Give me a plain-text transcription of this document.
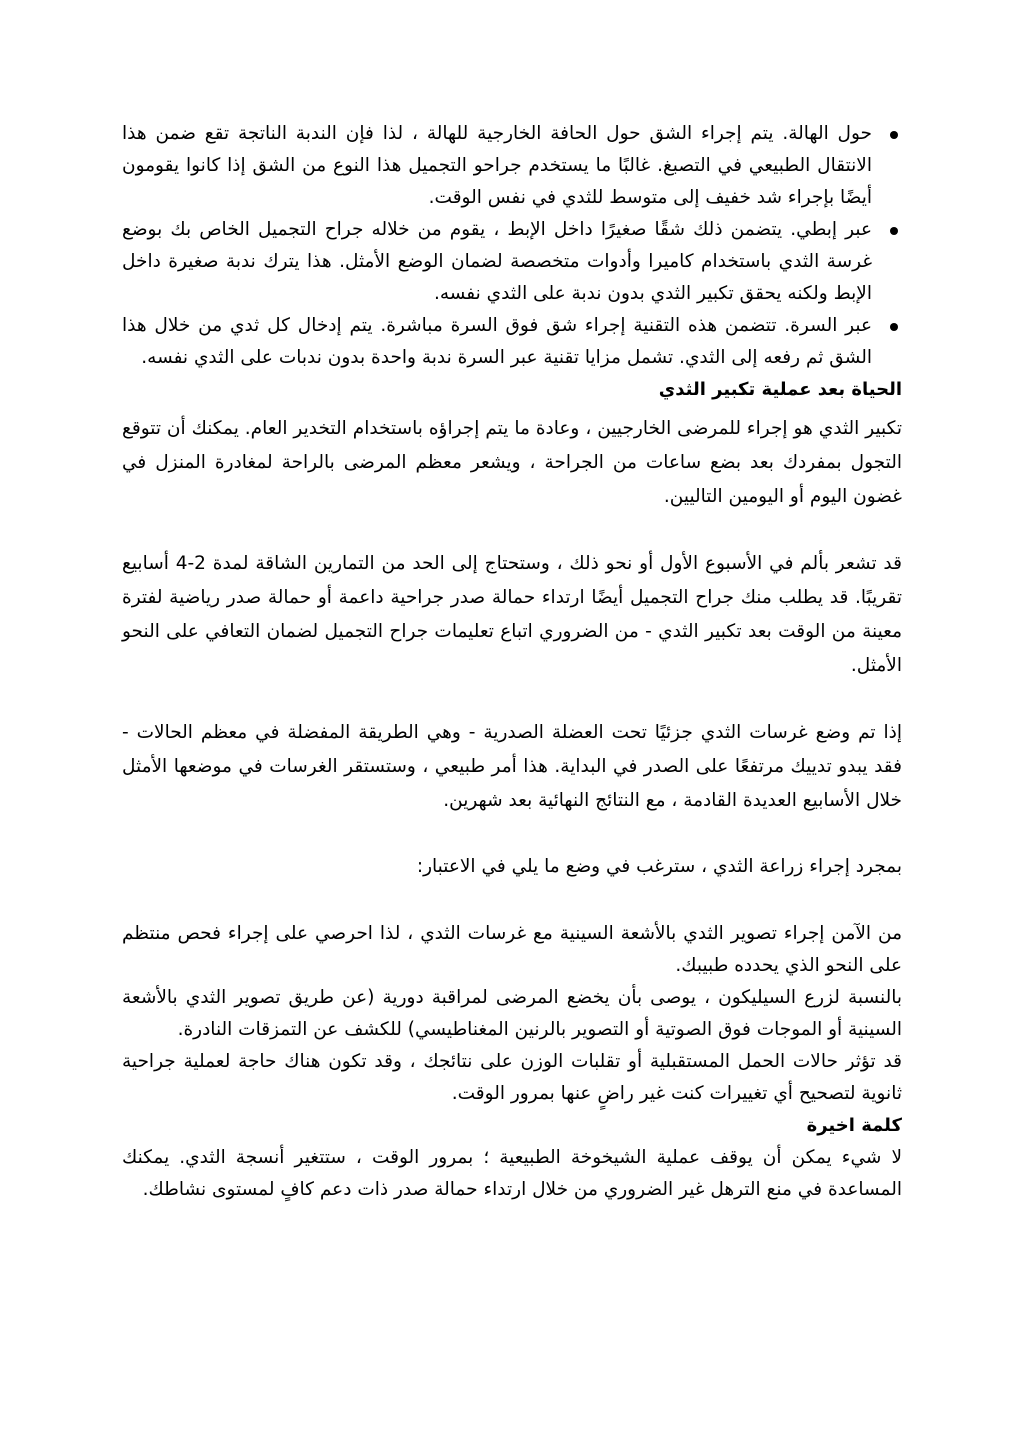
حول الهالة. يتم إجراء الشق حول الحافة الخارجية للهالة ، لذا فإن الندبة الناتجة تقع ضمن هذا الانتقال الطبيعي في التصبغ. غالبًا ما يستخدم جراحو التجميل هذا النوع من الشق إذا كانوا يقومون أيضًا بإجراء شد خفيف إلى متوسط للثدي في نفس الوقت.
عبر إبطي. يتضمن ذلك شقًا صغيرًا داخل الإبط ، يقوم من خلاله جراح التجميل الخاص بك بوضع غرسة الثدي باستخدام كاميرا وأدوات متخصصة لضمان الوضع الأمثل. هذا يترك ندبة صغيرة داخل الإبط ولكنه يحقق تكبير الثدي بدون ندبة على الثدي نفسه.
عبر السرة. تتضمن هذه التقنية إجراء شق فوق السرة مباشرة. يتم إدخال كل ثدي من خلال هذا الشق ثم رفعه إلى الثدي. تشمل مزايا تقنية عبر السرة ندبة واحدة بدون ندبات على الثدي نفسه.
الحياة بعد عملية تكبير الثدي

تكبير الثدي هو إجراء للمرضى الخارجيين ، وعادة ما يتم إجراؤه باستخدام التخدير العام. يمكنك أن تتوقع التجول بمفردك بعد بضع ساعات من الجراحة ، ويشعر معظم المرضى بالراحة لمغادرة المنزل في غضون اليوم أو اليومين التاليين.

قد تشعر بألم في الأسبوع الأول أو نحو ذلك ، وستحتاج إلى الحد من التمارين الشاقة لمدة 2-4 أسابيع تقريبًا. قد يطلب منك جراح التجميل أيضًا ارتداء حمالة صدر جراحية داعمة أو حمالة صدر رياضية لفترة معينة من الوقت بعد تكبير الثدي - من الضروري اتباع تعليمات جراح التجميل لضمان التعافي على النحو الأمثل.

إذا تم وضع غرسات الثدي جزئيًا تحت العضلة الصدرية - وهي الطريقة المفضلة في معظم الحالات - فقد يبدو تدييك مرتفعًا على الصدر في البداية. هذا أمر طبيعي ، وستستقر الغرسات في موضعها الأمثل خلال الأسابيع العديدة القادمة ، مع النتائج النهائية بعد شهرين.

بمجرد إجراء زراعة الثدي ، سترغب في وضع ما يلي في الاعتبار:

من الآمن إجراء تصوير الثدي بالأشعة السينية مع غرسات الثدي ، لذا احرصي على إجراء فحص منتظم على النحو الذي يحدده طبيبك.

بالنسبة لزرع السيليكون ، يوصى بأن يخضع المرضى لمراقبة دورية (عن طريق تصوير الثدي بالأشعة السينية أو الموجات فوق الصوتية أو التصوير بالرنين المغناطيسي) للكشف عن التمزقات النادرة.

قد تؤثر حالات الحمل المستقبلية أو تقلبات الوزن على نتائجك ، وقد تكون هناك حاجة لعملية جراحية ثانوية لتصحيح أي تغييرات كنت غير راضٍ عنها بمرور الوقت.

كلمة اخيرة

لا شيء يمكن أن يوقف عملية الشيخوخة الطبيعية ؛ بمرور الوقت ، ستتغير أنسجة الثدي. يمكنك المساعدة في منع الترهل غير الضروري من خلال ارتداء حمالة صدر ذات دعم كافٍ لمستوى نشاطك.
